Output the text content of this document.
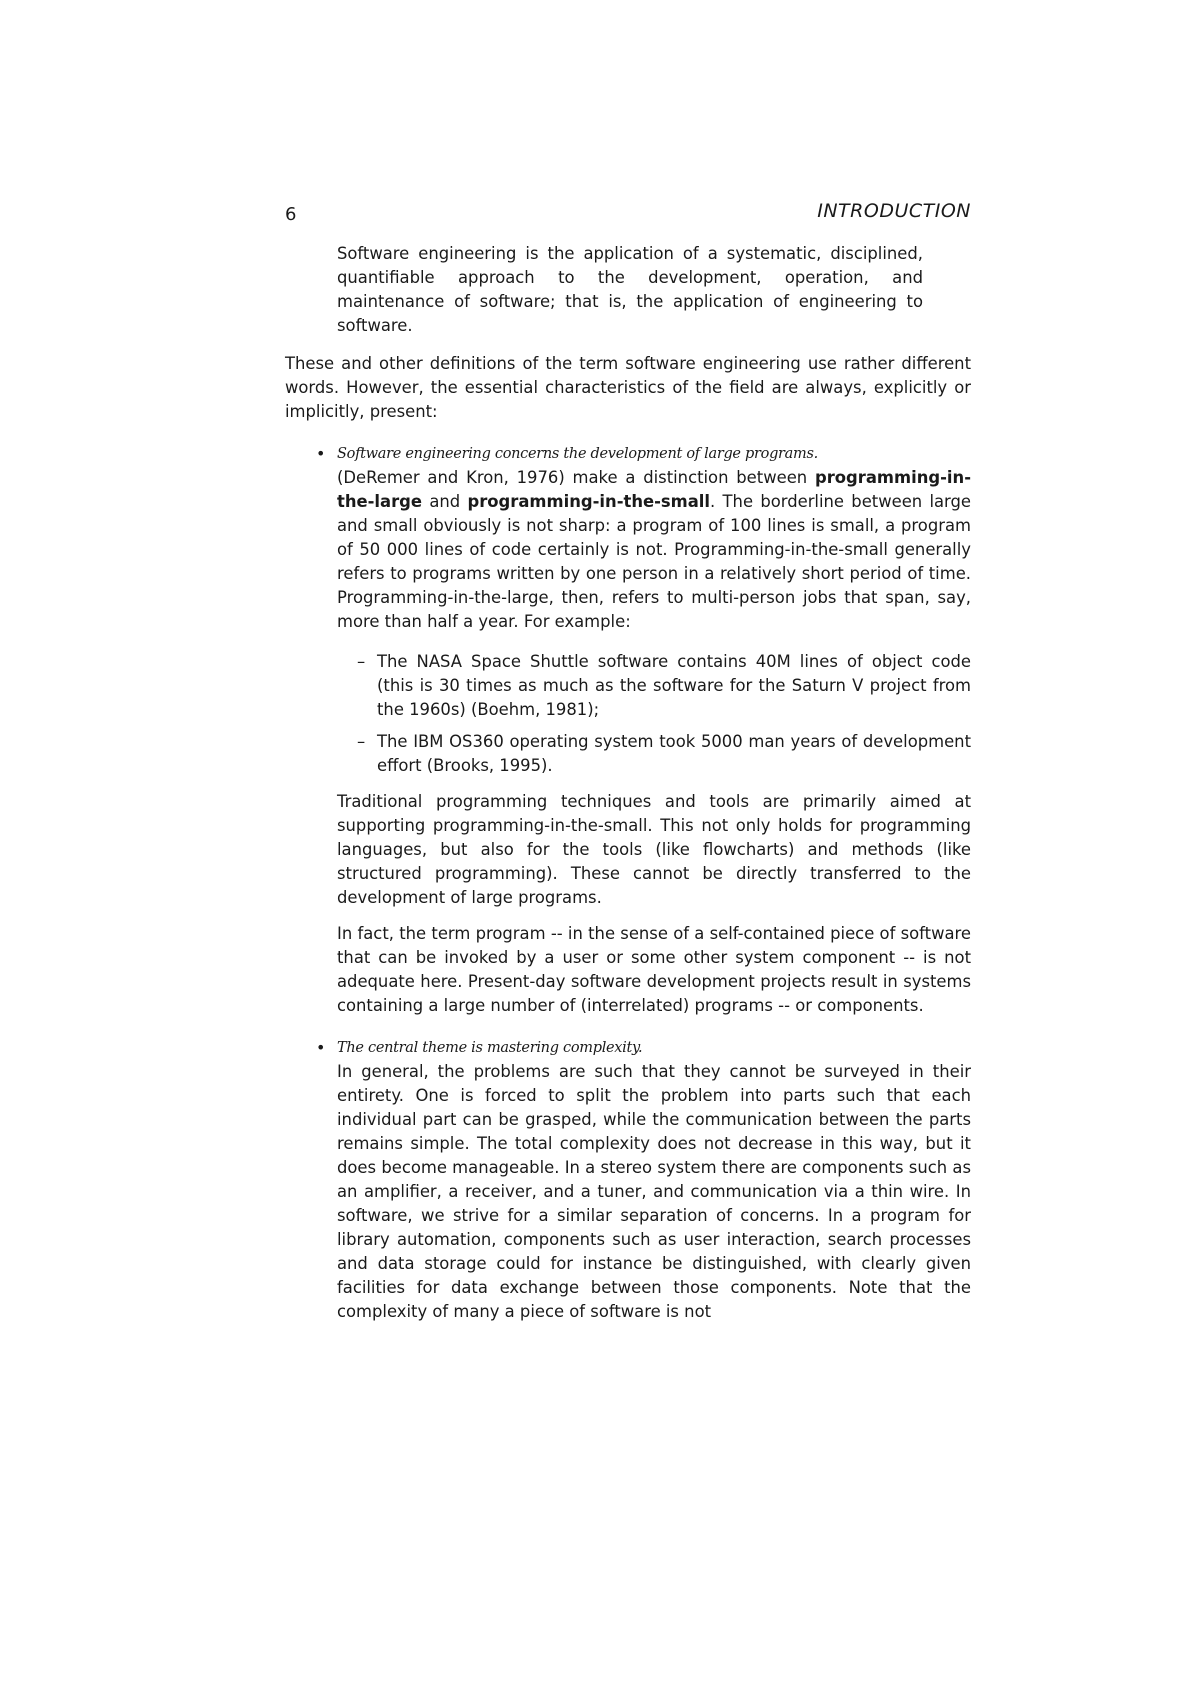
6	INTRODUCTION

Software engineering is the application of a systematic, disciplined, quantifiable approach to the development, operation, and maintenance of software; that is, the application of engineering to software.

These and other definitions of the term software engineering use rather different words. However, the essential characteristics of the field are always, explicitly or implicitly, present:

• Software engineering concerns the development of large programs.

(DeRemer and Kron, 1976) make a distinction between programming-in-the-large and programming-in-the-small. The borderline between large and small obviously is not sharp: a program of 100 lines is small, a program of 50 000 lines of code certainly is not. Programming-in-the-small generally refers to programs written by one person in a relatively short period of time. Programming-in-the-large, then, refers to multi-person jobs that span, say, more than half a year. For example:

– The NASA Space Shuttle software contains 40M lines of object code (this is 30 times as much as the software for the Saturn V project from the 1960s) (Boehm, 1981);

– The IBM OS360 operating system took 5000 man years of development effort (Brooks, 1995).

Traditional programming techniques and tools are primarily aimed at supporting programming-in-the-small. This not only holds for programming languages, but also for the tools (like flowcharts) and methods (like structured programming). These cannot be directly transferred to the development of large programs.

In fact, the term program -- in the sense of a self-contained piece of software that can be invoked by a user or some other system component -- is not adequate here. Present-day software development projects result in systems containing a large number of (interrelated) programs -- or components.

• The central theme is mastering complexity.

In general, the problems are such that they cannot be surveyed in their entirety. One is forced to split the problem into parts such that each individual part can be grasped, while the communication between the parts remains simple. The total complexity does not decrease in this way, but it does become manageable. In a stereo system there are components such as an amplifier, a receiver, and a tuner, and communication via a thin wire. In software, we strive for a similar separation of concerns. In a program for library automation, components such as user interaction, search processes and data storage could for instance be distinguished, with clearly given facilities for data exchange between those components. Note that the complexity of many a piece of software is not
